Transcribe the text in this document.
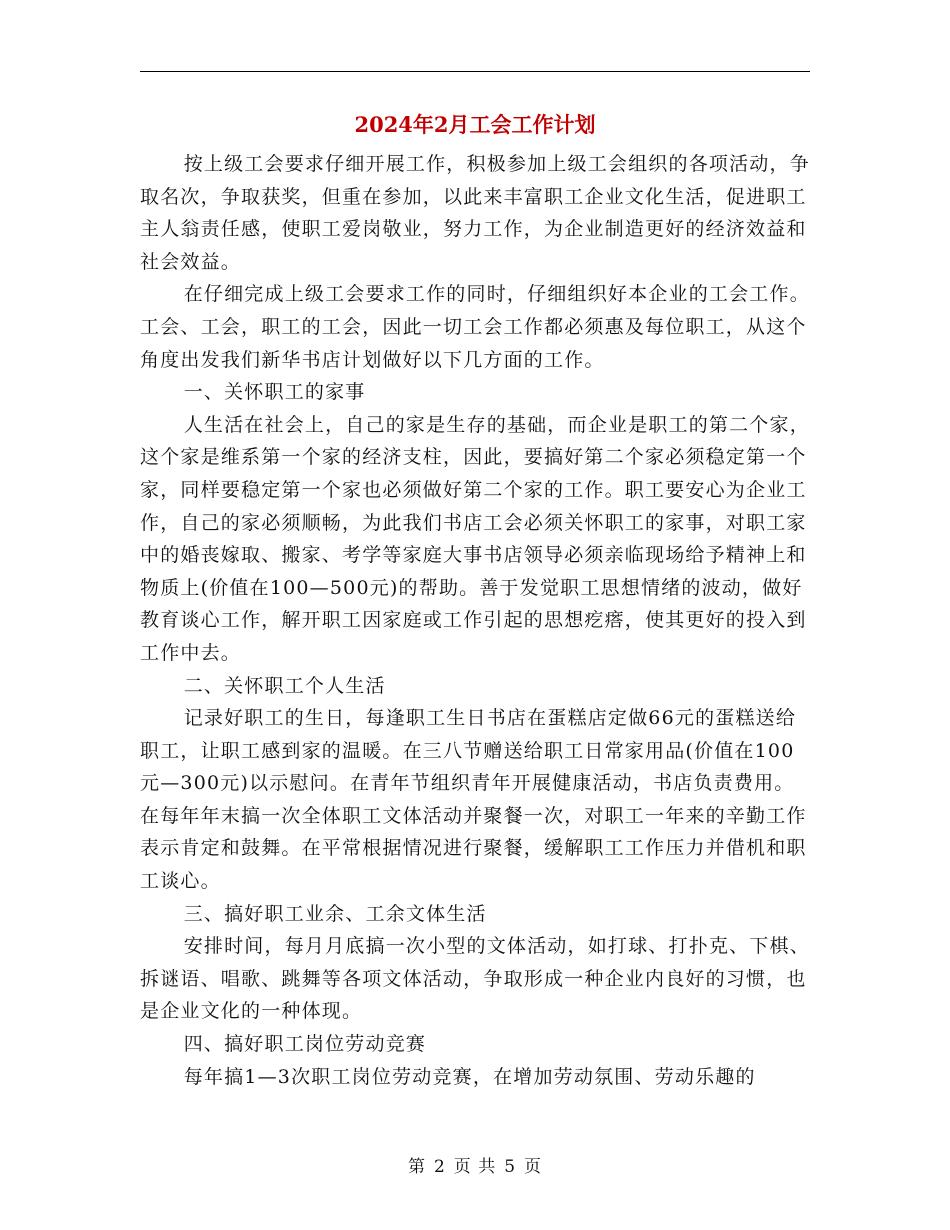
2024年2月工会工作计划

按上级工会要求仔细开展工作，积极参加上级工会组织的各项活动，争取名次，争取获奖，但重在参加，以此来丰富职工企业文化生活，促进职工主人翁责任感，使职工爱岗敬业，努力工作，为企业制造更好的经济效益和社会效益。

在仔细完成上级工会要求工作的同时，仔细组织好本企业的工会工作。工会、工会，职工的工会，因此一切工会工作都必须惠及每位职工，从这个角度出发我们新华书店计划做好以下几方面的工作。

一、关怀职工的家事

人生活在社会上，自己的家是生存的基础，而企业是职工的第二个家，这个家是维系第一个家的经济支柱，因此，要搞好第二个家必须稳定第一个家，同样要稳定第一个家也必须做好第二个家的工作。职工要安心为企业工作，自己的家必须顺畅，为此我们书店工会必须关怀职工的家事，对职工家中的婚丧嫁取、搬家、考学等家庭大事书店领导必须亲临现场给予精神上和物质上(价值在100—500元)的帮助。善于发觉职工思想情绪的波动，做好教育谈心工作，解开职工因家庭或工作引起的思想疙瘩，使其更好的投入到工作中去。

二、关怀职工个人生活

记录好职工的生日，每逢职工生日书店在蛋糕店定做66元的蛋糕送给职工，让职工感到家的温暖。在三八节赠送给职工日常家用品(价值在100元—300元)以示慰问。在青年节组织青年开展健康活动，书店负责费用。在每年年末搞一次全体职工文体活动并聚餐一次，对职工一年来的辛勤工作表示肯定和鼓舞。在平常根据情况进行聚餐，缓解职工工作压力并借机和职工谈心。

三、搞好职工业余、工余文体生活

安排时间，每月月底搞一次小型的文体活动，如打球、打扑克、下棋、拆谜语、唱歌、跳舞等各项文体活动，争取形成一种企业内良好的习惯，也是企业文化的一种体现。

四、搞好职工岗位劳动竞赛

每年搞1—3次职工岗位劳动竞赛，在增加劳动氛围、劳动乐趣的

第 2 页 共 5 页
